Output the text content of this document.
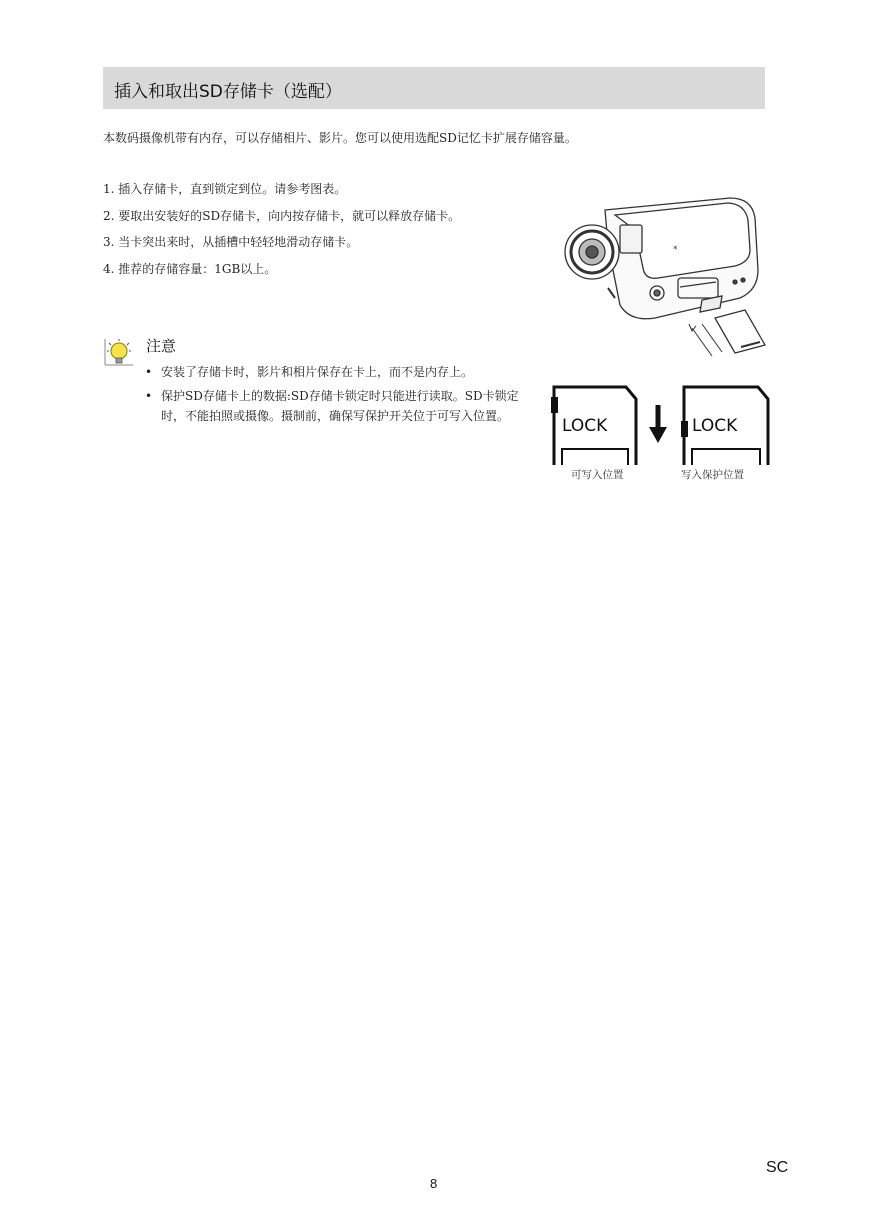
插入和取出SD存储卡（选配）
本数码摄像机带有内存，可以存储相片、影片。您可以使用选配SD记忆卡扩展存储容量。
1. 插入存储卡，直到锁定到位。请参考图表。
2. 要取出安装好的SD存储卡，向内按存储卡，就可以释放存储卡。
3. 当卡突出来时，从插槽中轻轻地滑动存储卡。
4. 推荐的存储容量：1GB以上。
*
注意
• 安装了存储卡时，影片和相片保存在卡上，而不是内存上。
• 保护SD存储卡上的数据:SD存储卡锁定时只能进行读取。SD卡锁定时，不能拍照或摄像。摄制前，确保写保护开关位于可写入位置。	LOCK	LOCK
可写入位置	写入保护位置
8
SC
